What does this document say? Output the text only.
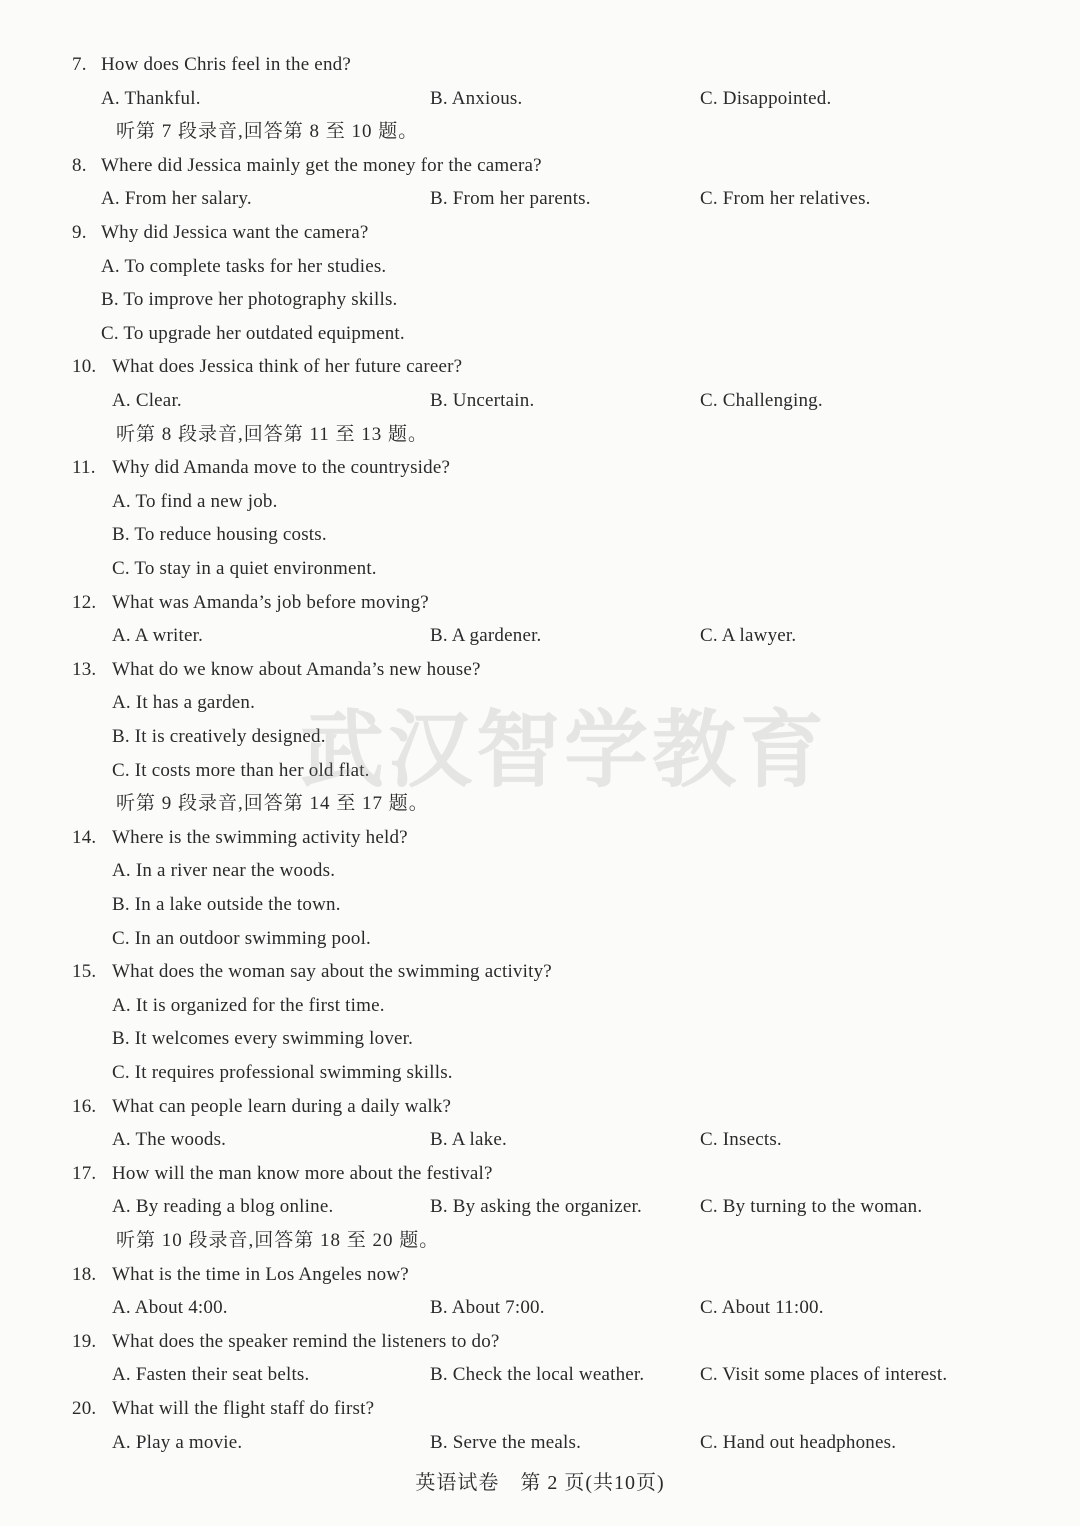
7. How does Chris feel in the end?
A. Thankful.	B. Anxious.	C. Disappointed.
听第 7 段录音,回答第 8 至 10 题。
8. Where did Jessica mainly get the money for the camera?
A. From her salary.	B. From her parents.	C. From her relatives.
9. Why did Jessica want the camera?
A. To complete tasks for her studies.
B. To improve her photography skills.
C. To upgrade her outdated equipment.
10. What does Jessica think of her future career?
A. Clear.	B. Uncertain.	C. Challenging.
听第 8 段录音,回答第 11 至 13 题。
11. Why did Amanda move to the countryside?
A. To find a new job.
B. To reduce housing costs.
C. To stay in a quiet environment.
12. What was Amanda’s job before moving?
A. A writer.	B. A gardener.	C. A lawyer.
13. What do we know about Amanda’s new house?
A. It has a garden.
B. It is creatively designed.
C. It costs more than her old flat.
听第 9 段录音,回答第 14 至 17 题。
14. Where is the swimming activity held?
A. In a river near the woods.
B. In a lake outside the town.
C. In an outdoor swimming pool.
15. What does the woman say about the swimming activity?
A. It is organized for the first time.
B. It welcomes every swimming lover.
C. It requires professional swimming skills.
16. What can people learn during a daily walk?
A. The woods.	B. A lake.	C. Insects.
17. How will the man know more about the festival?
A. By reading a blog online.	B. By asking the organizer.	C. By turning to the woman.
听第 10 段录音,回答第 18 至 20 题。
18. What is the time in Los Angeles now?
A. About 4:00.	B. About 7:00.	C. About 11:00.
19. What does the speaker remind the listeners to do?
A. Fasten their seat belts.	B. Check the local weather.	C. Visit some places of interest.
20. What will the flight staff do first?
A. Play a movie.	B. Serve the meals.	C. Hand out headphones.
武汉智学教育
英语试卷　第 2 页(共10页)
